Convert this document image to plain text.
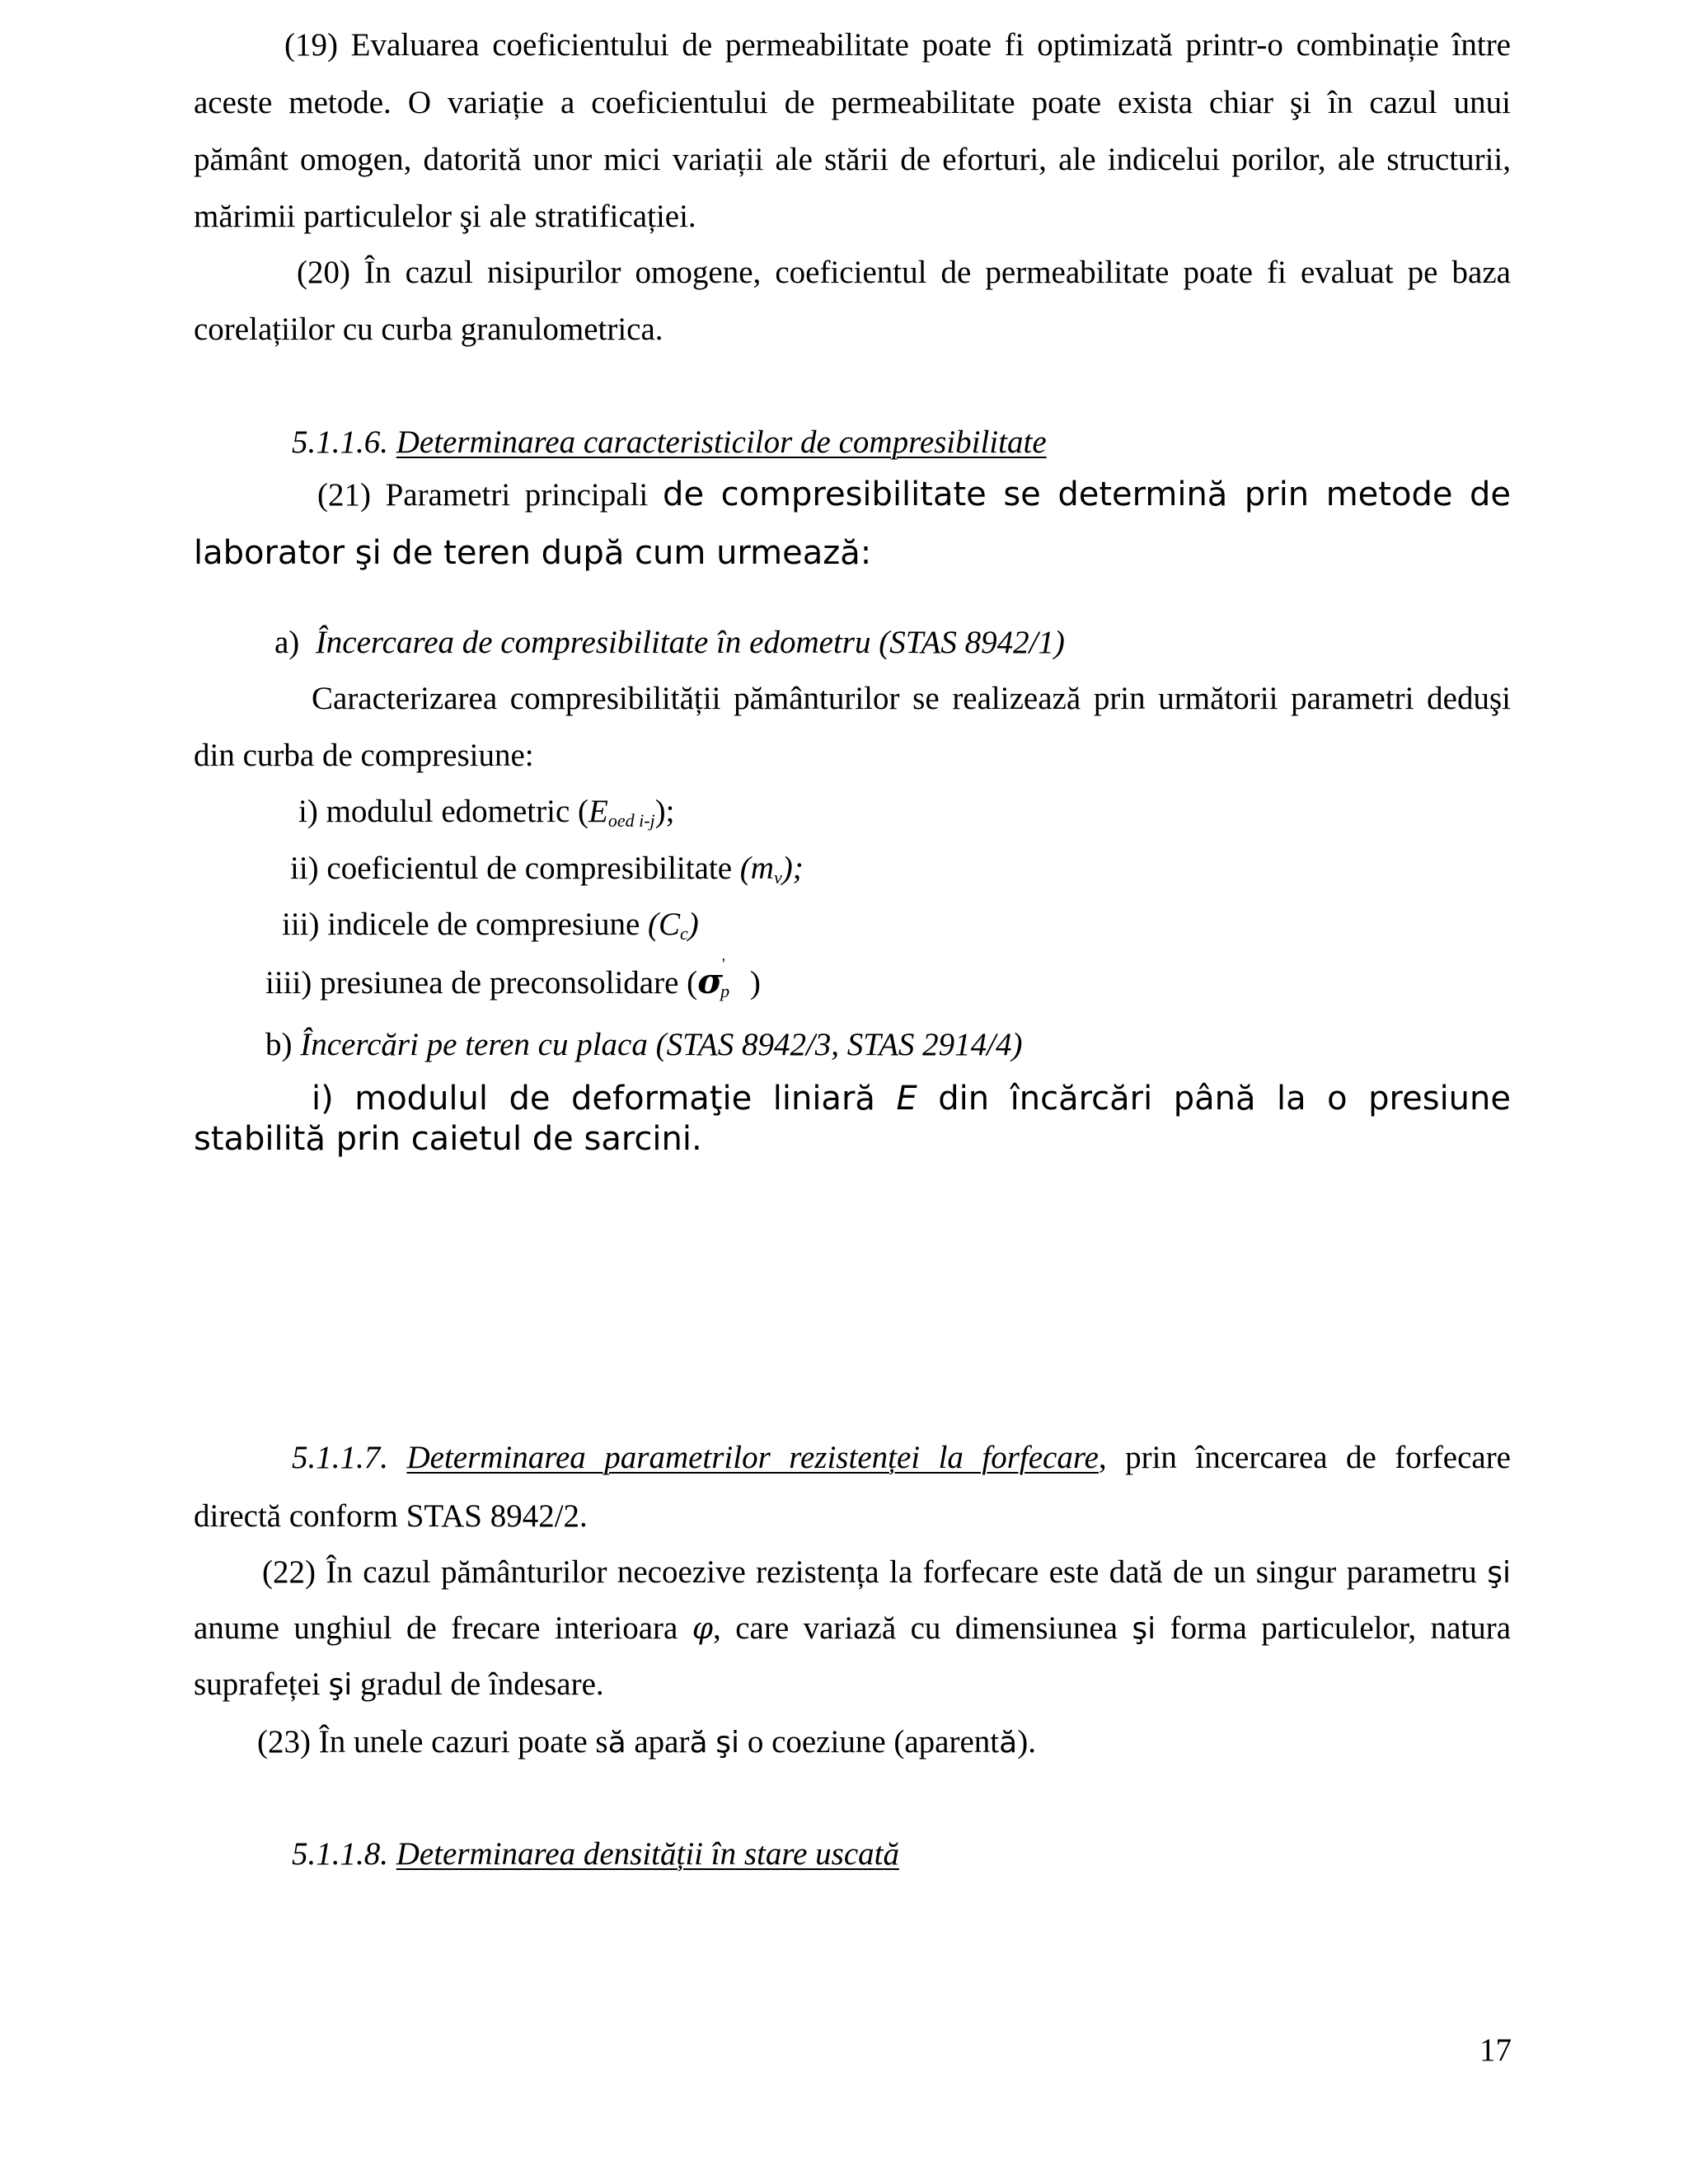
(19) Evaluarea coeficientului de permeabilitate poate fi optimizată printr-o combinație între
aceste metode. O variație a coeficientului de permeabilitate poate exista chiar şi în cazul unui
pământ omogen, datorită unor mici variații ale stării de eforturi, ale indicelui porilor, ale structurii,
mărimii particulelor şi ale stratificației.
(20) În cazul nisipurilor omogene, coeficientul de permeabilitate poate fi evaluat pe baza
corelațiilor cu curba granulometrica.
5.1.1.6. Determinarea caracteristicilor de compresibilitate
(21) Parametri principali de compresibilitate se determină prin metode de
laborator şi de teren după cum urmează:
a) Încercarea de compresibilitate în edometru (STAS 8942/1)
Caracterizarea compresibilității pământurilor se realizează prin următorii parametri deduşi
din curba de compresiune:
i) modulul edometric $(E_{oed i-j})$;
ii) coeficientul de compresibilitate $(m_v)$;
iii) indicele de compresiune $(C_c)$
iiii) presiunea de preconsolidare (σ '
p )
b) Încercări pe teren cu placa (STAS 8942/3, STAS 2914/4)
i) modulul de deformaţie liniară E din încărcări până la o presiune
stabilită prin caietul de sarcini.
5.1.1.7. Determinarea parametrilor rezistenței la forfecare, prin încercarea de forfecare
directă conform STAS 8942/2.
(22) În cazul pământurilor necoezive rezistența la forfecare este dată de un singur parametru şi
anume unghiul de frecare interioara φ, care variază cu dimensiunea şi forma particulelor, natura
suprafeței şi gradul de îndesare.
(23) În unele cazuri poate să apară şi o coeziune (aparentă).
5.1.1.8. Determinarea densității în stare uscată
17
